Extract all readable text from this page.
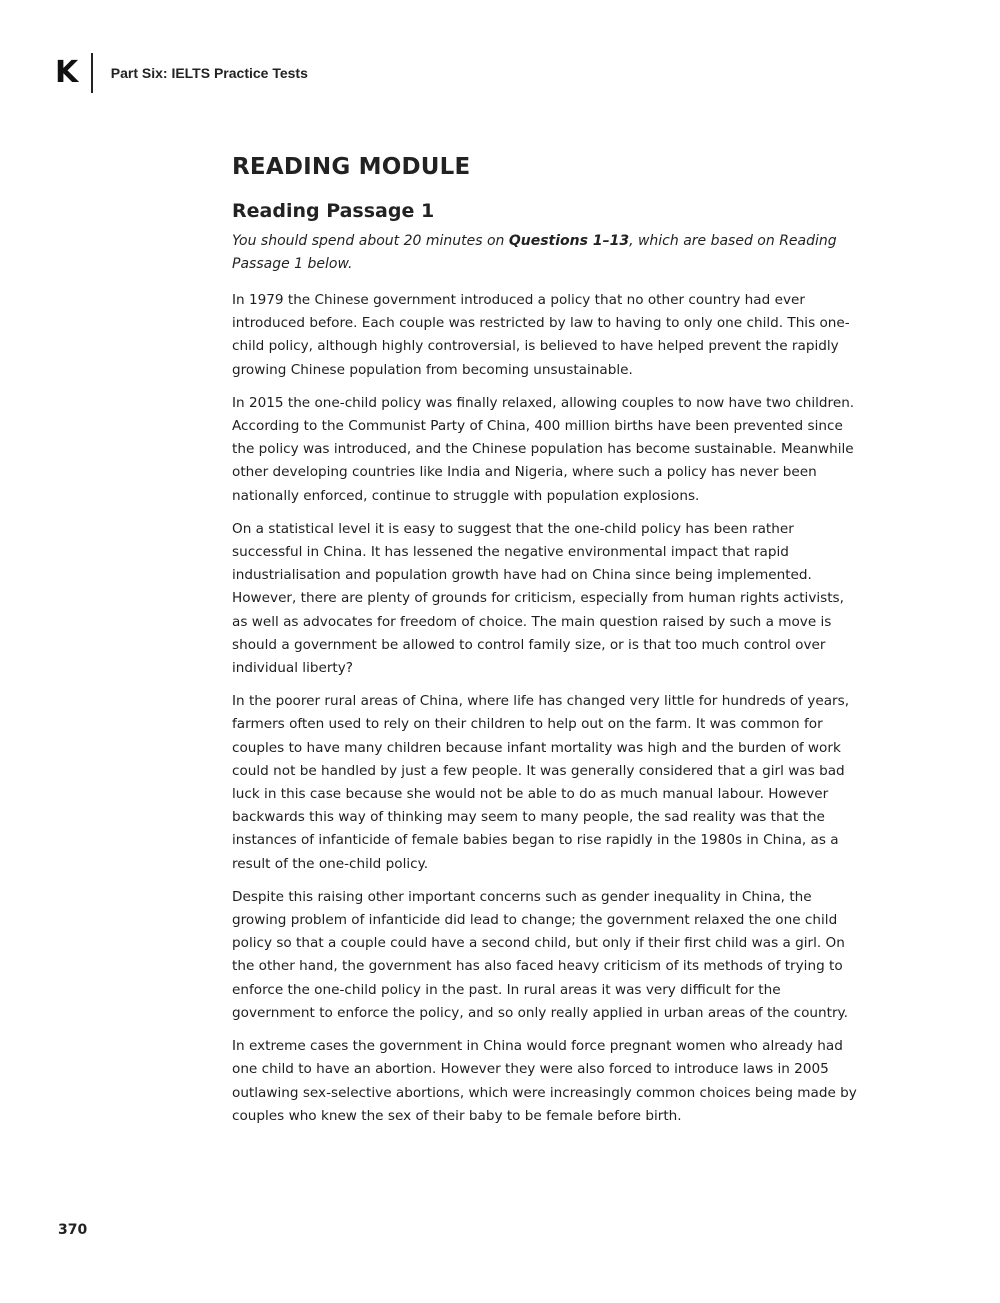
K Part Six: IELTS Practice Tests
READING MODULE
Reading Passage 1

You should spend about 20 minutes on Questions 1–13, which are based on Reading Passage 1 below.

In 1979 the Chinese government introduced a policy that no other country had ever introduced before. Each couple was restricted by law to having to only one child. This one-child policy, although highly controversial, is believed to have helped prevent the rapidly growing Chinese population from becoming unsustainable.

In 2015 the one-child policy was finally relaxed, allowing couples to now have two children. According to the Communist Party of China, 400 million births have been prevented since the policy was introduced, and the Chinese population has become sustainable. Meanwhile other developing countries like India and Nigeria, where such a policy has never been nationally enforced, continue to struggle with population explosions.

On a statistical level it is easy to suggest that the one-child policy has been rather successful in China. It has lessened the negative environmental impact that rapid industrialisation and population growth have had on China since being implemented. However, there are plenty of grounds for criticism, especially from human rights activists, as well as advocates for freedom of choice. The main question raised by such a move is should a government be allowed to control family size, or is that too much control over individual liberty?

In the poorer rural areas of China, where life has changed very little for hundreds of years, farmers often used to rely on their children to help out on the farm. It was common for couples to have many children because infant mortality was high and the burden of work could not be handled by just a few people. It was generally considered that a girl was bad luck in this case because she would not be able to do as much manual labour. However backwards this way of thinking may seem to many people, the sad reality was that the instances of infanticide of female babies began to rise rapidly in the 1980s in China, as a result of the one-child policy.

Despite this raising other important concerns such as gender inequality in China, the growing problem of infanticide did lead to change; the government relaxed the one child policy so that a couple could have a second child, but only if their first child was a girl. On the other hand, the government has also faced heavy criticism of its methods of trying to enforce the one-child policy in the past. In rural areas it was very difficult for the government to enforce the policy, and so only really applied in urban areas of the country.

In extreme cases the government in China would force pregnant women who already had one child to have an abortion. However they were also forced to introduce laws in 2005 outlawing sex-selective abortions, which were increasingly common choices being made by couples who knew the sex of their baby to be female before birth.

370
